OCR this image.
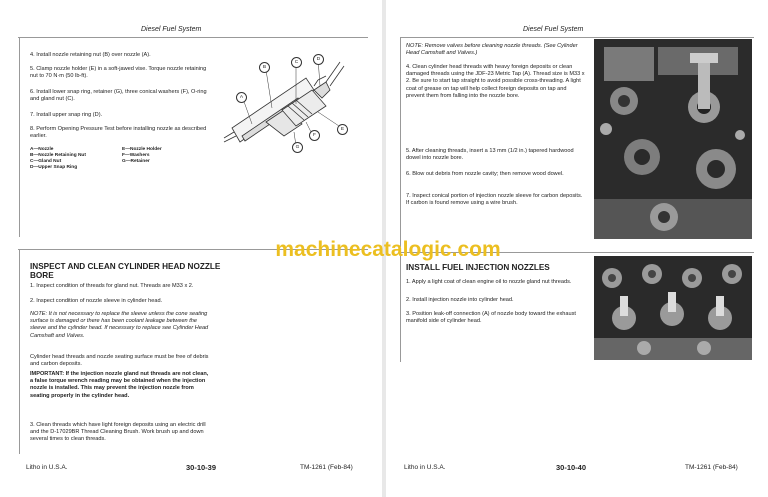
Diesel Fuel System

4. Install nozzle retaining nut (B) over nozzle (A).

5. Clamp nozzle holder (E) in a soft-jawed vise. Torque nozzle retaining nut to 70 N·m (50 lb-ft).

6. Install lower snap ring, retainer (G), three conical washers (F), O-ring and gland nut (C).

7. Install upper snap ring (D).

8. Perform Opening Pressure Test before installing nozzle as described earlier.

A—Nozzle
B—Nozzle Retaining Nut
C—Gland Nut
D—Upper Snap Ring
E—Nozzle Holder
F—Washers
G—Retainer
A
B
C
D
E
F
G
INSPECT AND CLEAN CYLINDER HEAD NOZZLE BORE

1. Inspect condition of threads for gland nut. Threads are M33 x 2.

2. Inspect condition of nozzle sleeve in cylinder head.

NOTE: It is not necessary to replace the sleeve unless the cone seating surface is damaged or there has been coolant leakage between the sleeve and the cylinder head. If necessary to replace see Cylinder Head Camshaft and Valves.

Cylinder head threads and nozzle seating surface must be free of debris and carbon deposits.

IMPORTANT: If the injection nozzle gland nut threads are not clean, a false torque wrench reading may be obtained when the injection nozzle is installed. This may prevent the injection nozzle from seating properly in the cylinder head.

3. Clean threads which have light foreign deposits using an electric drill and the D-17029BR Thread Cleaning Brush. Work brush up and down several times to clean threads.

Litho in U.S.A.	30-10-39	TM-1261 (Feb-84)
Diesel Fuel System

NOTE: Remove valves before cleaning nozzle threads. (See Cylinder Head Camshaft and Valves.)

4. Clean cylinder head threads with heavy foreign deposits or clean damaged threads using the JDF-23 Metric Tap (A). Thread size is M33 x 2. Be sure to start tap straight to avoid possible cross-threading. A light coat of grease on tap will help collect foreign deposits on tap and prevent them from falling into the nozzle bore.

5. After cleaning threads, insert a 13 mm (1/2 in.) tapered hardwood dowel into nozzle bore.

6. Blow out debris from nozzle cavity; then remove wood dowel.

7. Inspect conical portion of injection nozzle sleeve for carbon deposits. If carbon is found remove using a wire brush.

INSTALL FUEL INJECTION NOZZLES

1. Apply a light coat of clean engine oil to nozzle gland nut threads.

2. Install injection nozzle into cylinder head.

3. Position leak-off connection (A) of nozzle body toward the exhaust manifold side of cylinder head.

Litho in U.S.A.	30-10-40	TM-1261 (Feb-84)
machinecatalogic.com
